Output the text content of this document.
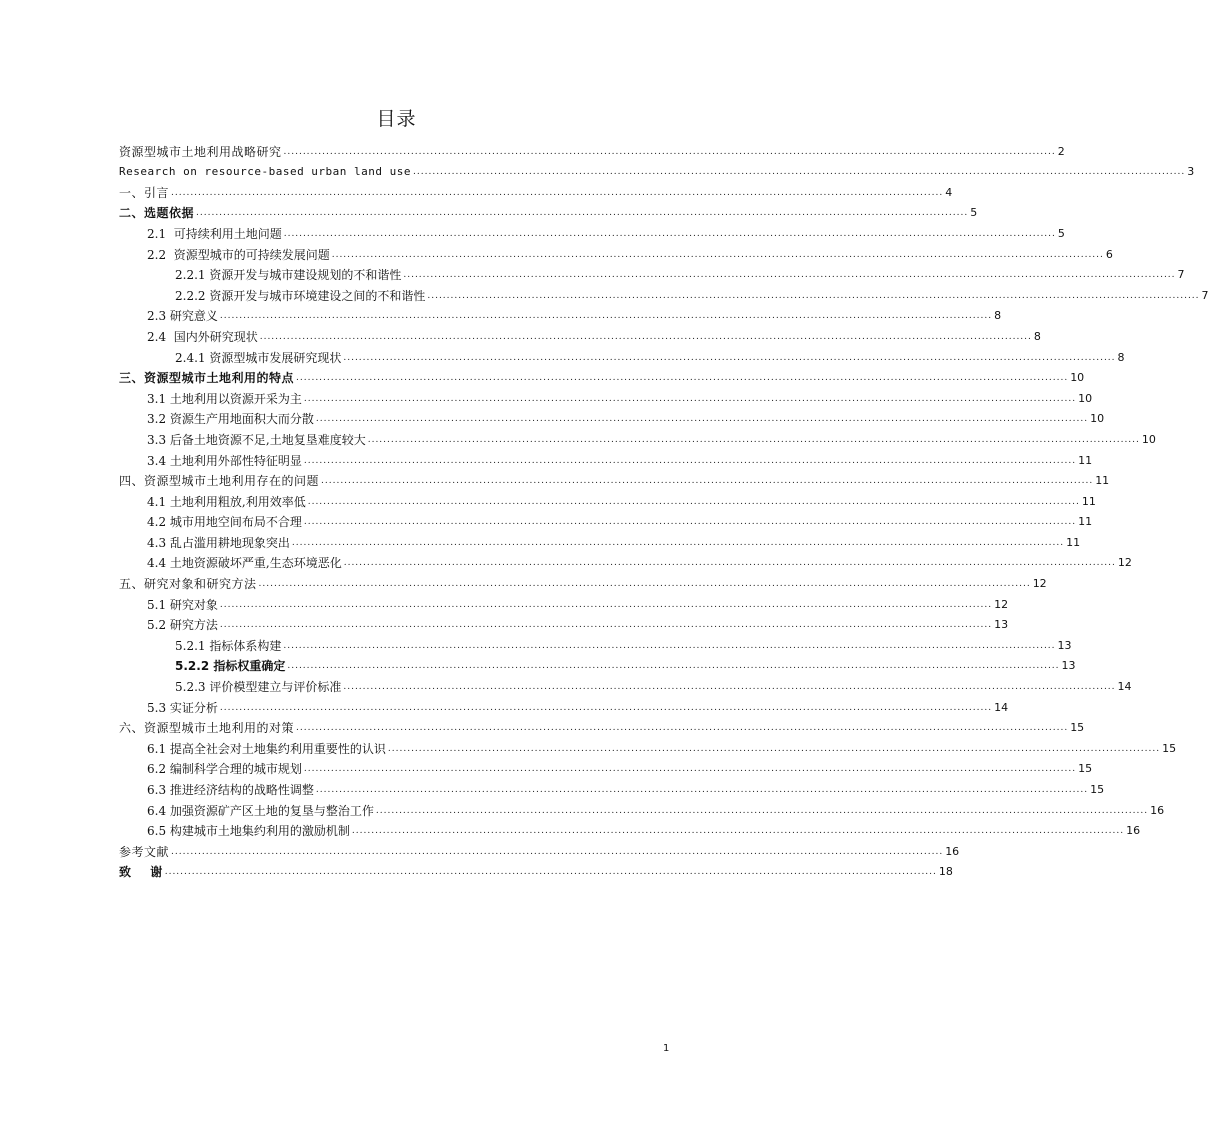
目录
资源型城市土地利用战略研究 ........................................................................................................................................................................................................ 2
Research on resource-based urban land use ........................................................................................................................................................................................................ 3
一、引言 ........................................................................................................................................................................................................ 4
二、选题依据 ........................................................................................................................................................................................................ 5
2.1  可持续利用土地问题 ........................................................................................................................................................................................................ 5
2.2  资源型城市的可持续发展问题 ........................................................................................................................................................................................................ 6
2.2.1 资源开发与城市建设规划的不和谐性 ........................................................................................................................................................................................................ 7
2.2.2 资源开发与城市环境建设之间的不和谐性 ........................................................................................................................................................................................................ 7
2.3 研究意义 ........................................................................................................................................................................................................ 8
2.4  国内外研究现状 ........................................................................................................................................................................................................ 8
2.4.1 资源型城市发展研究现状 ........................................................................................................................................................................................................ 8
三、资源型城市土地利用的特点 ........................................................................................................................................................................................................ 10
3.1 土地利用以资源开采为主 ........................................................................................................................................................................................................ 10
3.2 资源生产用地面积大而分散 ........................................................................................................................................................................................................ 10
3.3 后备土地资源不足,土地复垦难度较大 ........................................................................................................................................................................................................ 10
3.4 土地利用外部性特征明显 ........................................................................................................................................................................................................ 11
四、资源型城市土地利用存在的问题 ........................................................................................................................................................................................................ 11
4.1 土地利用粗放,利用效率低 ........................................................................................................................................................................................................ 11
4.2 城市用地空间布局不合理 ........................................................................................................................................................................................................ 11
4.3 乱占滥用耕地现象突出 ........................................................................................................................................................................................................ 11
4.4 土地资源破坏严重,生态环境恶化 ........................................................................................................................................................................................................ 12
五、研究对象和研究方法 ........................................................................................................................................................................................................ 12
5.1 研究对象 ........................................................................................................................................................................................................ 12
5.2 研究方法 ........................................................................................................................................................................................................ 13
5.2.1 指标体系构建 ........................................................................................................................................................................................................ 13
5.2.2 指标权重确定 ........................................................................................................................................................................................................ 13
5.2.3 评价模型建立与评价标准 ........................................................................................................................................................................................................ 14
5.3 实证分析 ........................................................................................................................................................................................................ 14
六、资源型城市土地利用的对策 ........................................................................................................................................................................................................ 15
6.1 提高全社会对土地集约利用重要性的认识 ........................................................................................................................................................................................................ 15
6.2 编制科学合理的城市规划 ........................................................................................................................................................................................................ 15
6.3 推进经济结构的战略性调整 ........................................................................................................................................................................................................ 15
6.4 加强资源矿产区土地的复垦与整治工作 ........................................................................................................................................................................................................ 16
6.5 构建城市土地集约利用的激励机制 ........................................................................................................................................................................................................ 16
参考文献 ........................................................................................................................................................................................................ 16
致    谢 ........................................................................................................................................................................................................ 18
1
